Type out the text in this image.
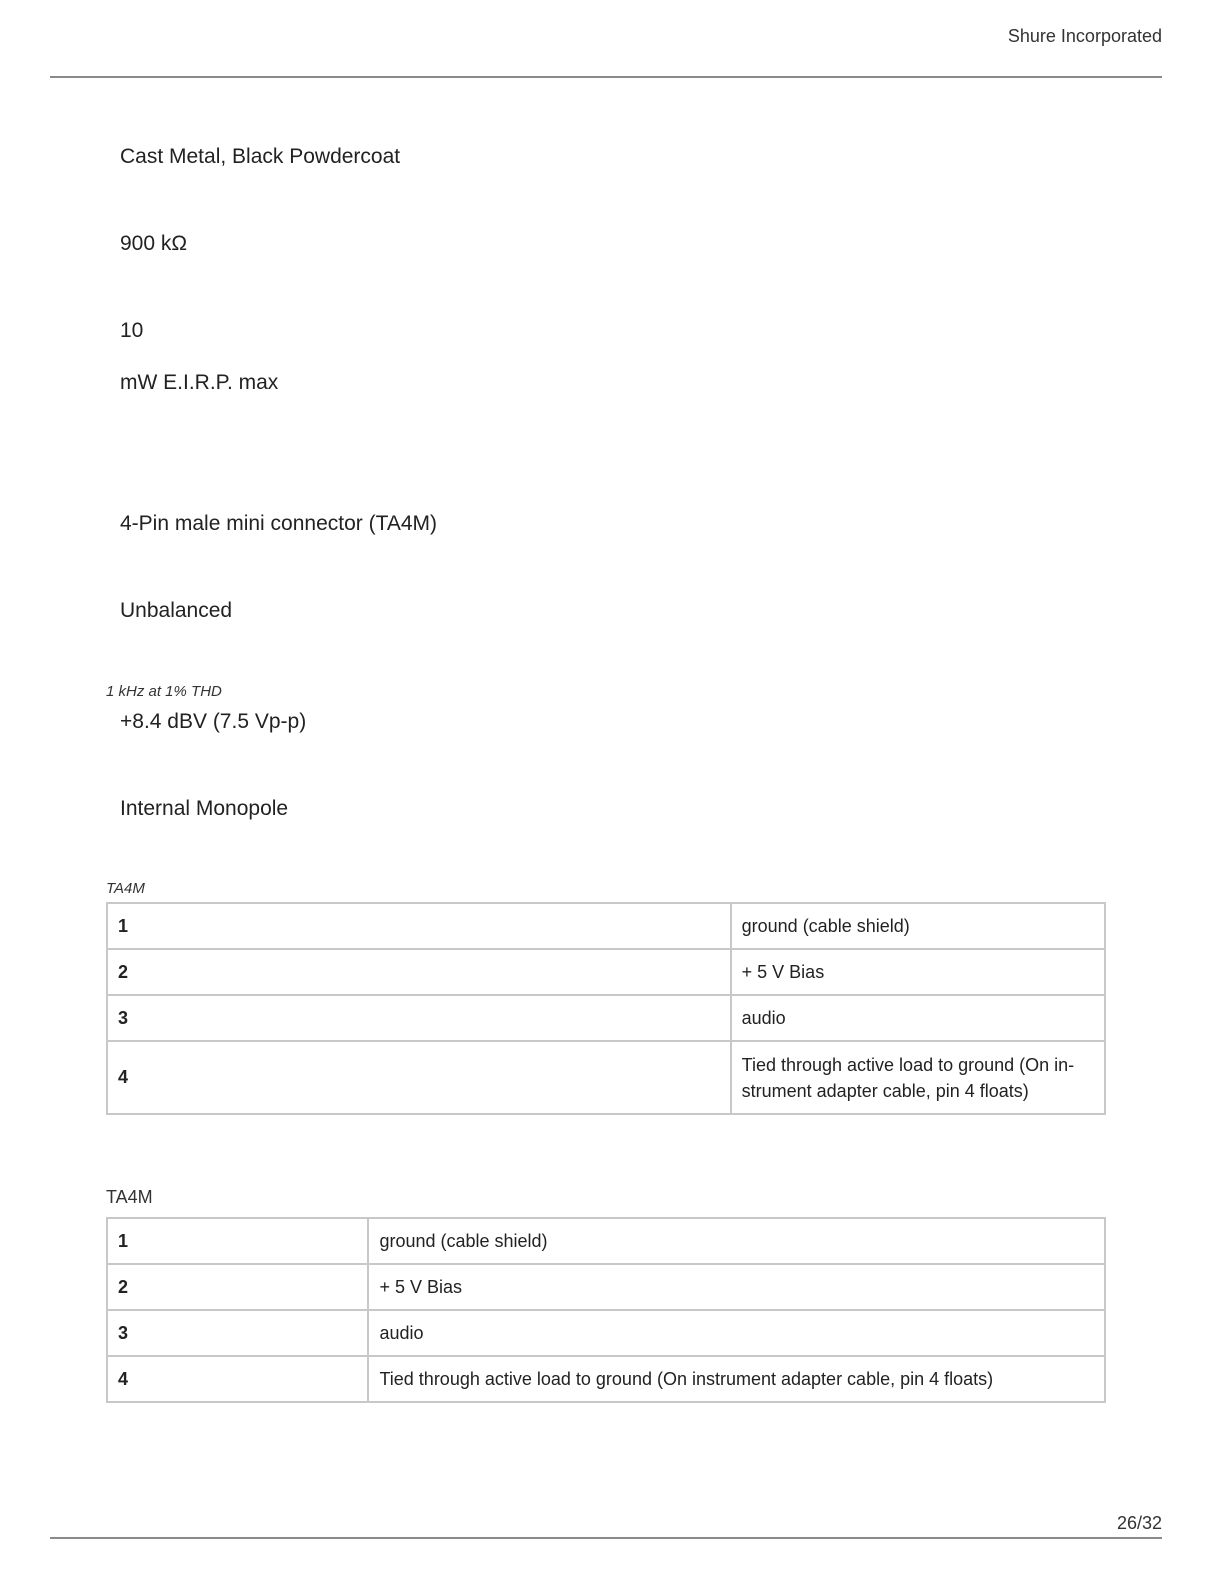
Shure Incorporated
Cast Metal, Black Powdercoat
900 kΩ
10
mW E.I.R.P. max
4-Pin male mini connector (TA4M)
Unbalanced
1 kHz at 1% THD
+8.4 dBV (7.5 Vp-p)
Internal Monopole
TA4M
1	ground (cable shield)
2	+ 5 V Bias
3	audio
4	Tied through active load to ground (On in-strument adapter cable, pin 4 floats)
TA4M
1	ground (cable shield)
2	+ 5 V Bias
3	audio
4	Tied through active load to ground (On instrument adapter cable, pin 4 floats)
26/32
